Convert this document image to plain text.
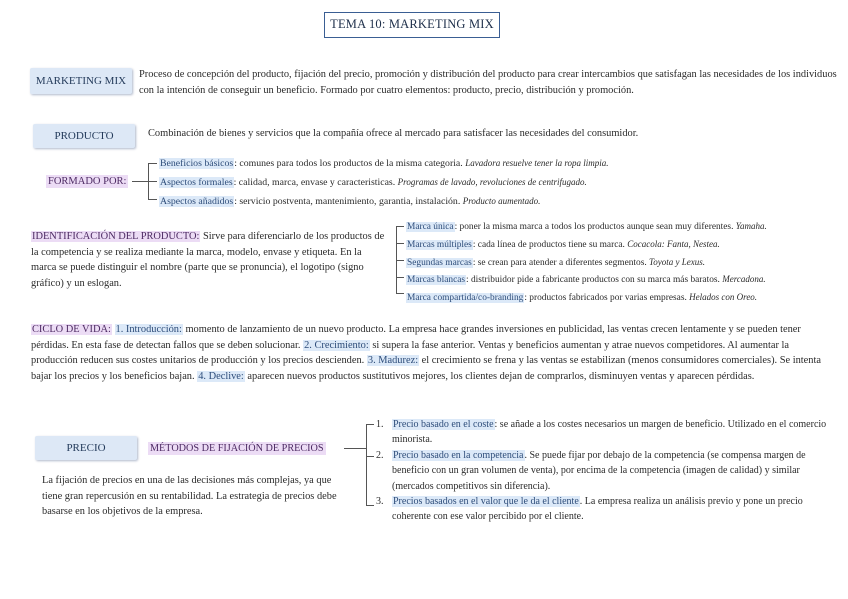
TEMA 10: MARKETING MIX
MARKETING MIX
Proceso de concepción del producto, fijación del precio, promoción y distribución del producto para crear intercambios que satisfagan las necesidades de los individuos con la intención de conseguir un beneficio. Formado por cuatro elementos: producto, precio, distribución y promoción.
PRODUCTO	Combinación de bienes y servicios que la compañía ofrece al mercado para satisfacer las necesidades del consumidor.
FORMADO POR:
Beneficios básicos: comunes para todos los productos de la misma categoria. Lavadora resuelve tener la ropa limpia.
Aspectos formales: calidad, marca, envase y caracteristicas. Programas de lavado, revoluciones de centrifugado.
Aspectos añadidos: servicio postventa, mantenimiento, garantia, instalación. Producto aumentado.
IDENTIFICACIÓN DEL PRODUCTO: Sirve para diferenciarlo de los productos de la competencia y se realiza mediante la marca, modelo, envase y etiqueta. En la marca se puede distinguir el nombre (parte que se pronuncia), el logotipo (signo gráfico) y un eslogan.
Marca única: poner la misma marca a todos los productos aunque sean muy diferentes. Yamaha.
Marcas múltiples: cada línea de productos tiene su marca. Cocacola: Fanta, Nestea.
Segundas marcas: se crean para atender a diferentes segmentos. Toyota y Lexus.
Marcas blancas: distribuidor pide a fabricante productos con su marca más baratos. Mercadona.
Marca compartida/co-branding: productos fabricados por varias empresas. Helados con Oreo.
CICLO DE VIDA: 1. Introducción: momento de lanzamiento de un nuevo producto. La empresa hace grandes inversiones en publicidad, las ventas crecen lentamente y se pueden tener pérdidas. En esta fase de detectan fallos que se deben solucionar. 2. Crecimiento: si supera la fase anterior. Ventas y beneficios aumentan y atrae nuevos competidores. Al aumentar la producción reducen sus costes unitarios de producción y los precios descienden. 3. Madurez: el crecimiento se frena y las ventas se estabilizan (menos consumidores comerciales). Se intenta bajar los precios y los beneficios bajan. 4. Declive: aparecen nuevos productos sustitutivos mejores, los clientes dejan de comprarlos, disminuyen ventas y aparecen pérdidas.
PRECIO	MÉTODOS DE FIJACIÓN DE PRECIOS
La fijación de precios en una de las decisiones más complejas, ya que tiene gran repercusión en su rentabilidad. La estrategia de precios debe basarse en los objetivos de la empresa.
1. Precio basado en el coste: se añade a los costes necesarios un margen de beneficio. Utilizado en el comercio minorista.
2. Precio basado en la competencia. Se puede fijar por debajo de la competencia (se compensa margen de beneficio con un gran volumen de venta), por encima de la competencia (imagen de calidad) y similar (mercados competitivos sin diferencia).
3. Precios basados en el valor que le da el cliente. La empresa realiza un análisis previo y pone un precio coherente con ese valor percibido por el cliente.
